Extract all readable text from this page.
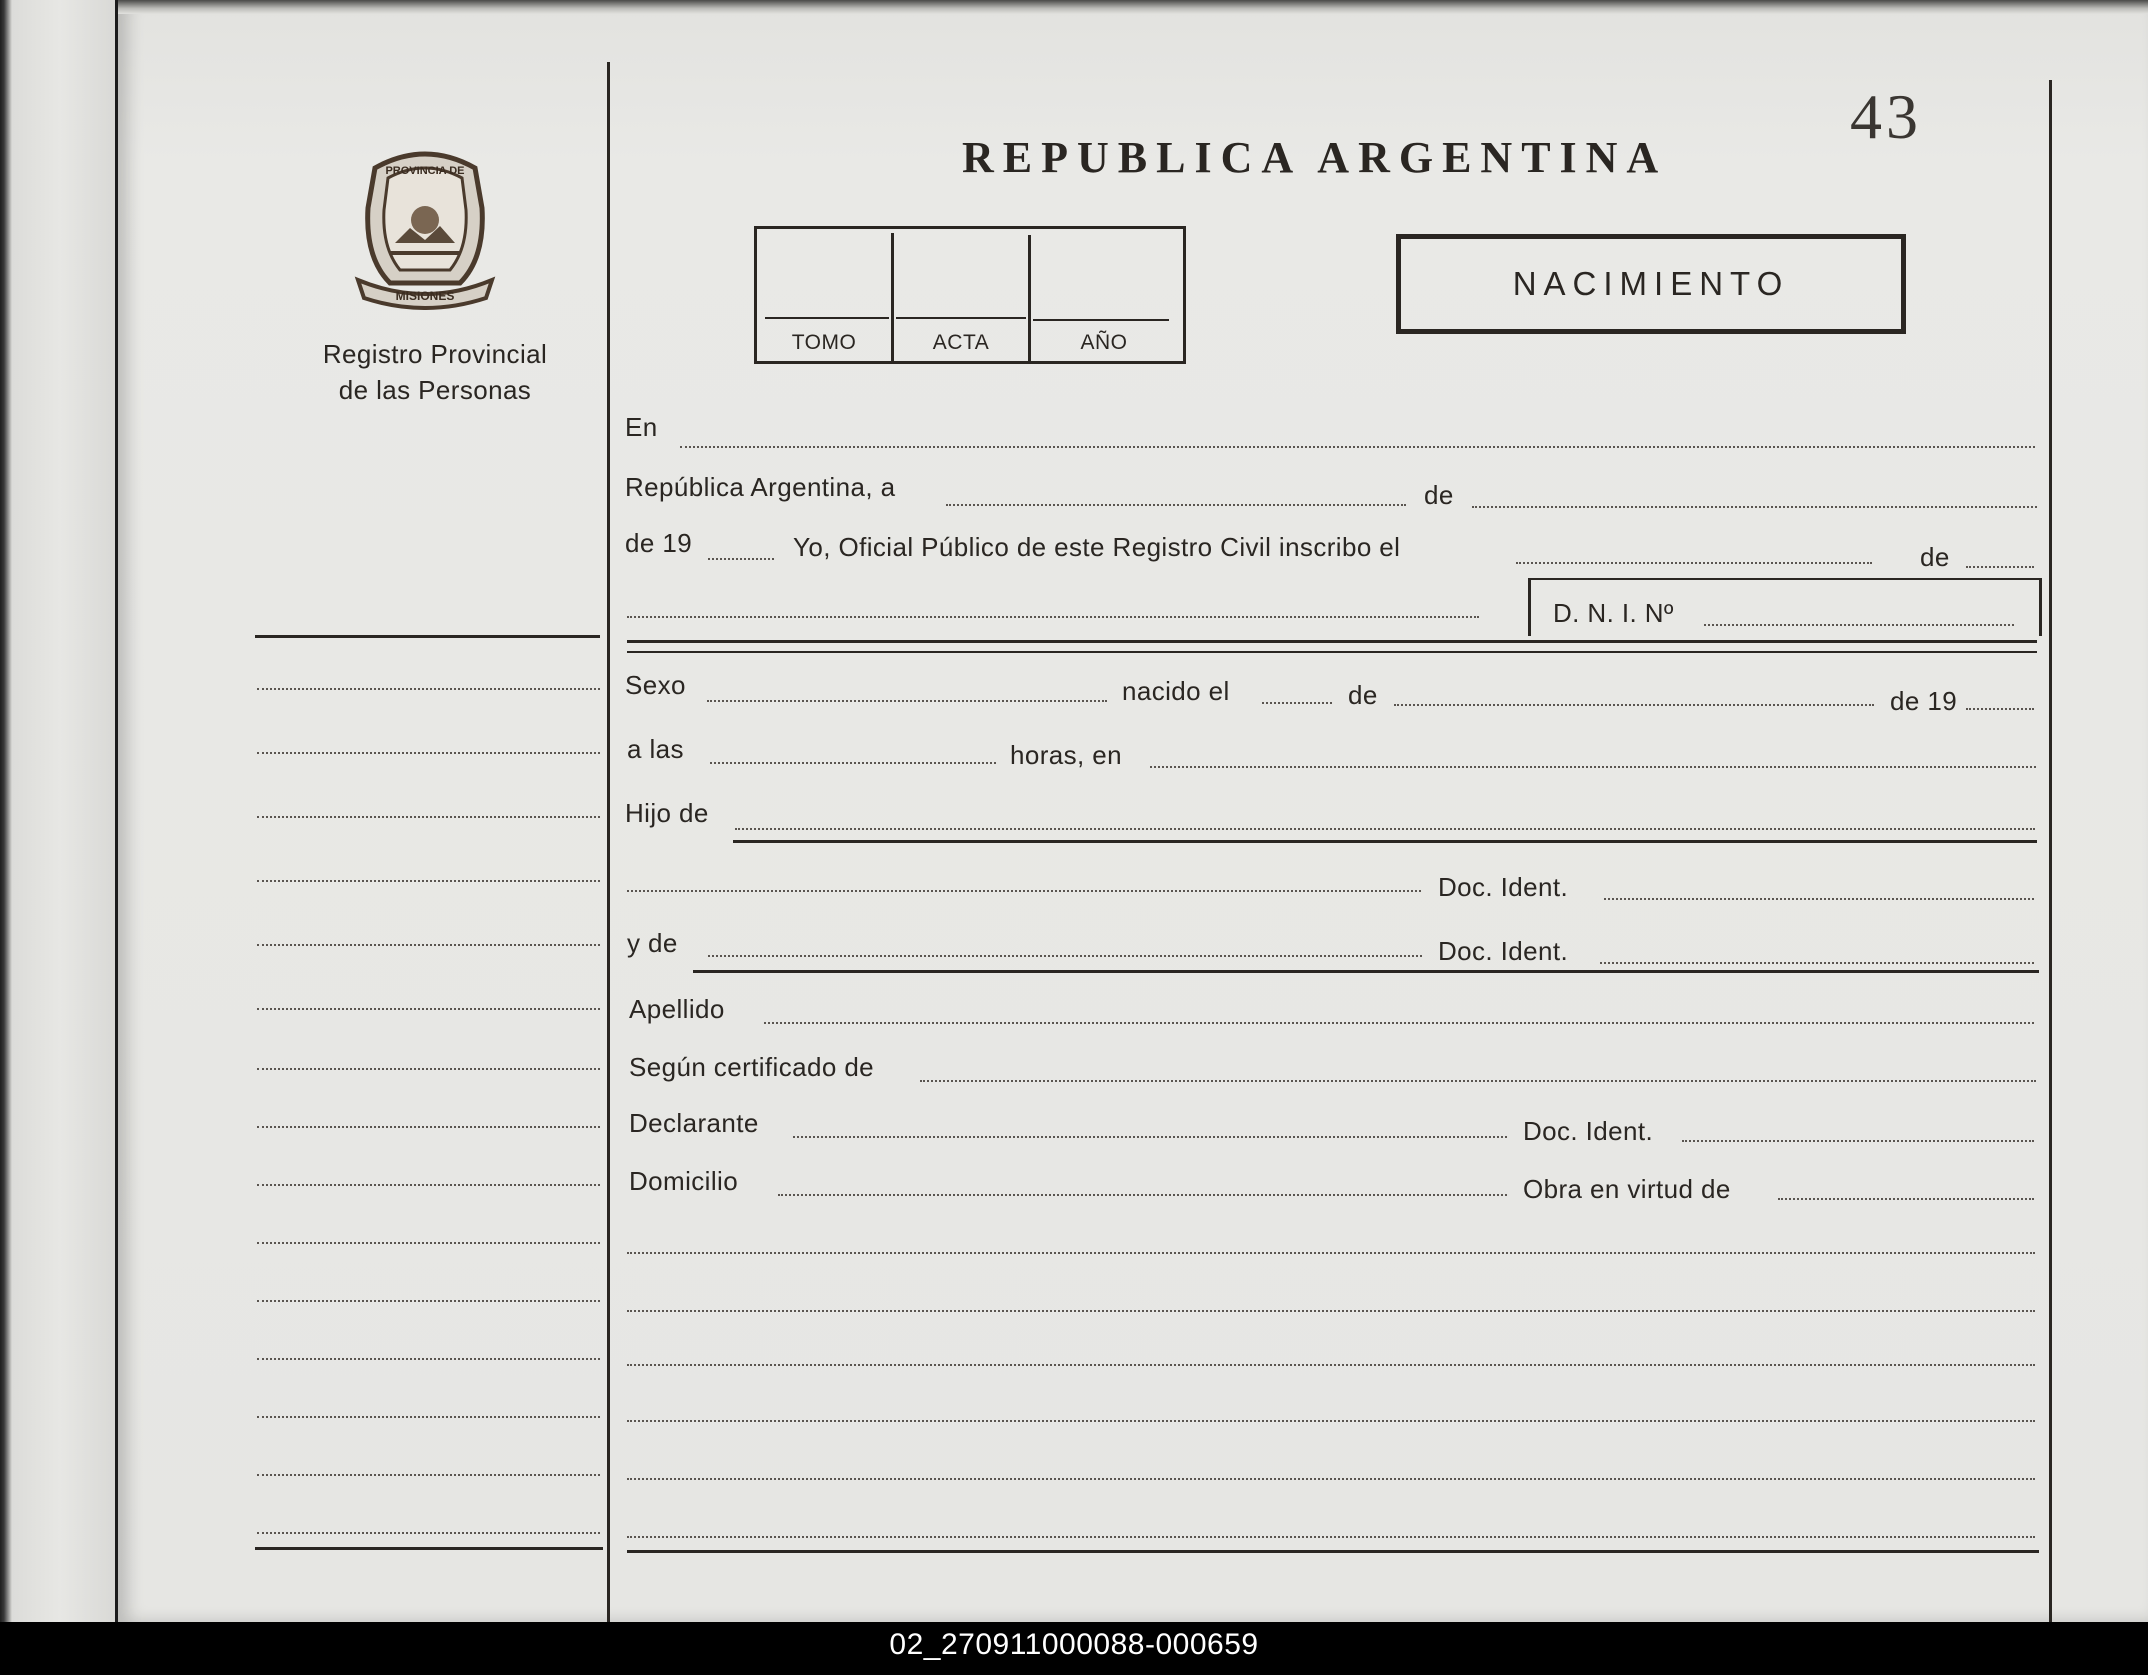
PROVINCIA DE
MISIONES
Registro Provincial
de las Personas
REPUBLICA ARGENTINA
43
TOMO	ACTA	AÑO
NACIMIENTO
En
República Argentina, a	de
de 19	Yo, Oficial Público de este Registro Civil inscribo el	de
D. N. I. Nº
Sexo	nacido el	de	de 19
a las	horas, en
Hijo de
Doc. Ident.
y de	Doc. Ident.
Apellido
Según certificado de
Declarante	Doc. Ident.
Domicilio	Obra en virtud de
02_270911000088-000659
